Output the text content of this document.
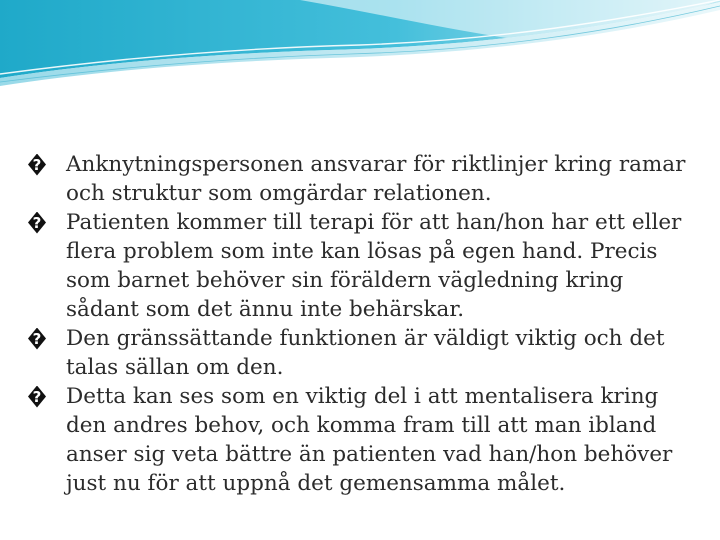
?
Anknytningspersonen ansvarar för riktlinjer kring ramar och struktur som omgärdar relationen.

?
Patienten kommer till terapi för att han/hon har ett eller flera problem som inte kan lösas på egen hand. Precis som barnet behöver sin föräldern vägledning kring sådant som det ännu inte behärskar.

?
Den gränssättande funktionen är väldigt viktig och det talas sällan om den.

?
Detta kan ses som en viktig del i att mentalisera kring den andres behov, och komma fram till att man ibland anser sig veta bättre än patienten vad han/hon behöver just nu för att uppnå det gemensamma målet.
